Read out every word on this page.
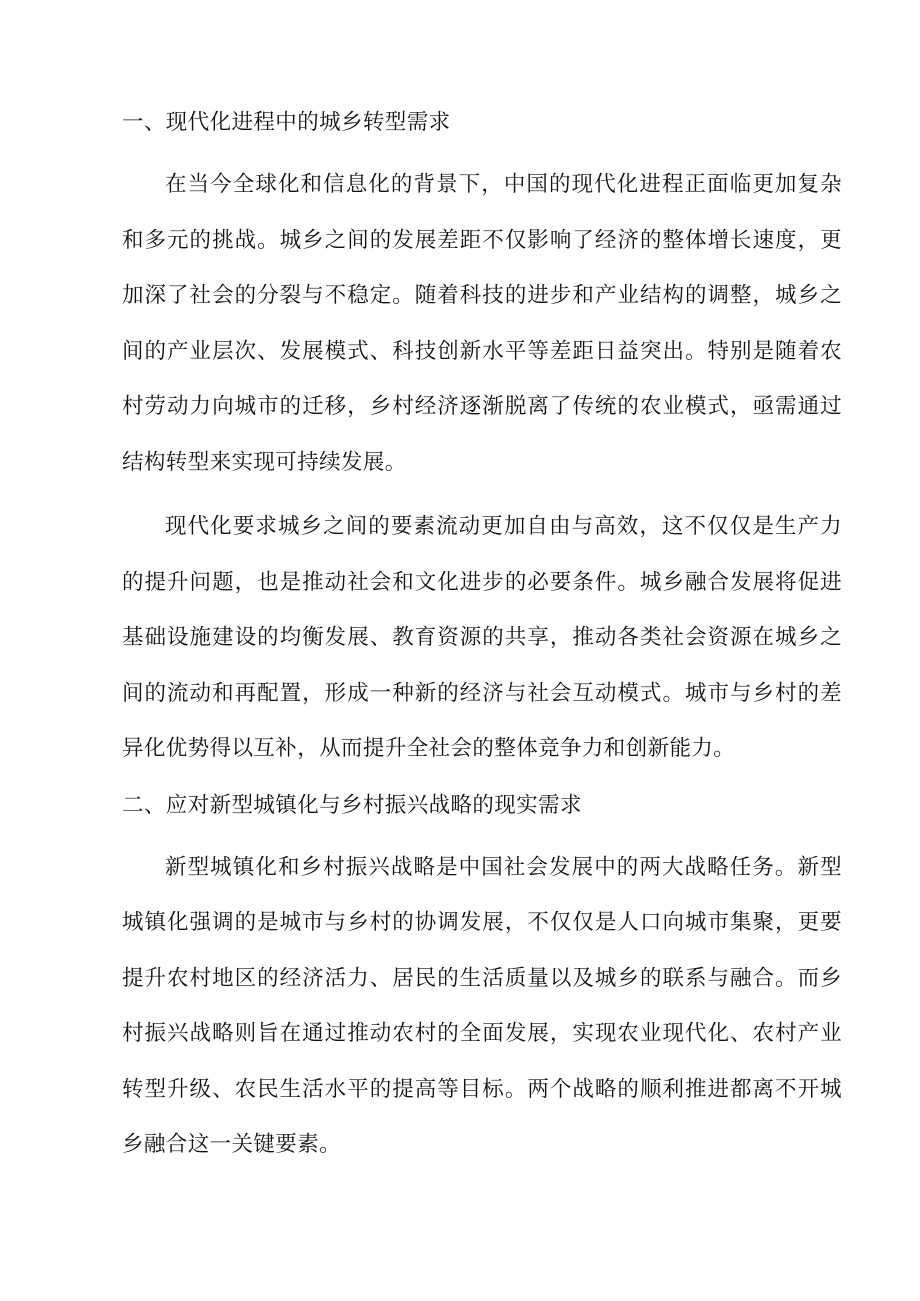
一、现代化进程中的城乡转型需求

在当今全球化和信息化的背景下，中国的现代化进程正面临更加复杂和多元的挑战。城乡之间的发展差距不仅影响了经济的整体增长速度，更加深了社会的分裂与不稳定。随着科技的进步和产业结构的调整，城乡之间的产业层次、发展模式、科技创新水平等差距日益突出。特别是随着农村劳动力向城市的迁移，乡村经济逐渐脱离了传统的农业模式，亟需通过结构转型来实现可持续发展。

现代化要求城乡之间的要素流动更加自由与高效，这不仅仅是生产力的提升问题，也是推动社会和文化进步的必要条件。城乡融合发展将促进基础设施建设的均衡发展、教育资源的共享，推动各类社会资源在城乡之间的流动和再配置，形成一种新的经济与社会互动模式。城市与乡村的差异化优势得以互补，从而提升全社会的整体竞争力和创新能力。

二、应对新型城镇化与乡村振兴战略的现实需求

新型城镇化和乡村振兴战略是中国社会发展中的两大战略任务。新型城镇化强调的是城市与乡村的协调发展，不仅仅是人口向城市集聚，更要提升农村地区的经济活力、居民的生活质量以及城乡的联系与融合。而乡村振兴战略则旨在通过推动农村的全面发展，实现农业现代化、农村产业转型升级、农民生活水平的提高等目标。两个战略的顺利推进都离不开城乡融合这一关键要素。
